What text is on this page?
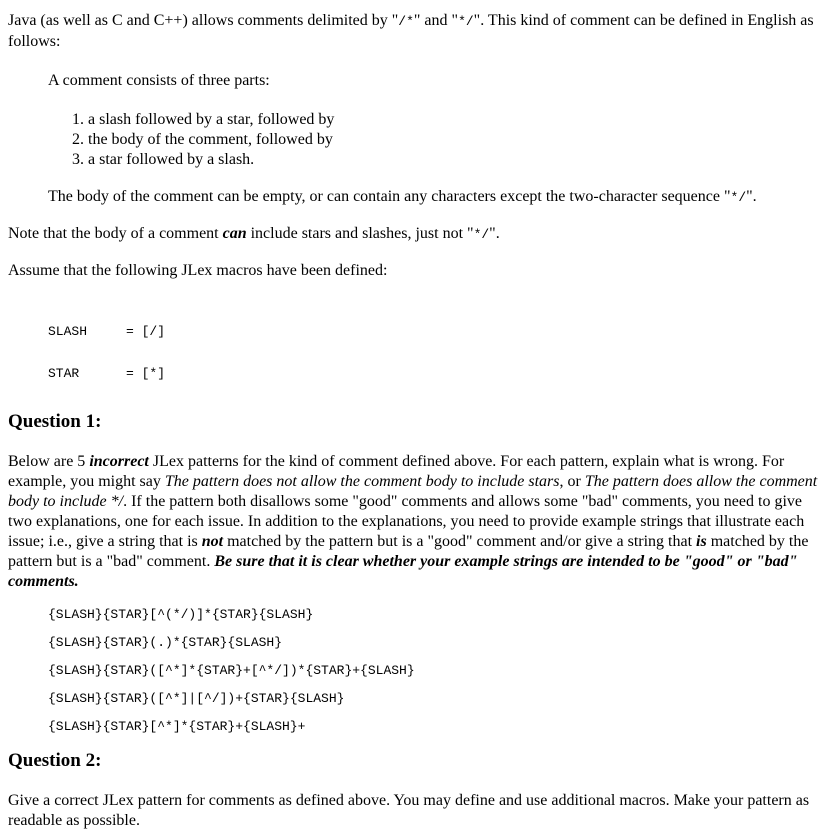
Java (as well as C and C++) allows comments delimited by "/*" and "*/". This kind of comment can be defined in English as follows:

A comment consists of three parts:

1. a slash followed by a star, followed by
2. the body of the comment, followed by
3. a star followed by a slash.

The body of the comment can be empty, or can contain any characters except the two-character sequence "*/".

Note that the body of a comment can include stars and slashes, just not "*/".

Assume that the following JLex macros have been defined:

SLASH	= [/]

STAR	= [*]

Question 1:

Below are 5 incorrect JLex patterns for the kind of comment defined above. For each pattern, explain what is wrong. For example, you might say The pattern does not allow the comment body to include stars, or The pattern does allow the comment body to include */. If the pattern both disallows some "good" comments and allows some "bad" comments, you need to give two explanations, one for each issue. In addition to the explanations, you need to provide example strings that illustrate each issue; i.e., give a string that is not matched by the pattern but is a "good" comment and/or give a string that is matched by the pattern but is a "bad" comment. Be sure that it is clear whether your example strings are intended to be "good" or "bad" comments.

{SLASH}{STAR}[^(*/)]*{STAR}{SLASH}
{SLASH}{STAR}(.)*{STAR}{SLASH}
{SLASH}{STAR}([^*]*{STAR}+[^*/])*{STAR}+{SLASH}
{SLASH}{STAR}([^*]|[^/])+{STAR}{SLASH}
{SLASH}{STAR}[^*]*{STAR}+{SLASH}+
Question 2:

Give a correct JLex pattern for comments as defined above. You may define and use additional macros. Make your pattern as readable as possible.
